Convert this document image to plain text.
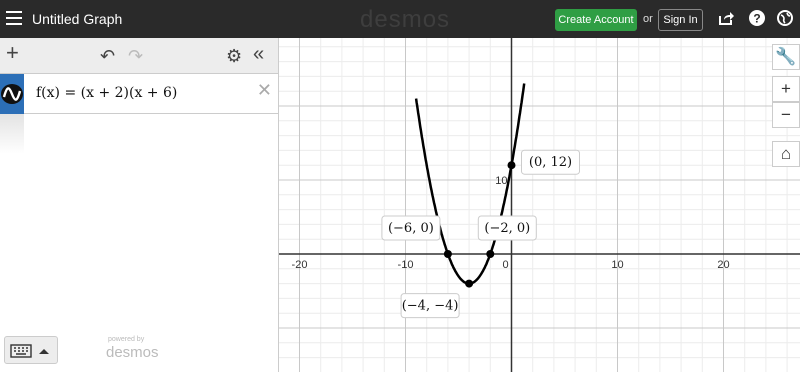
Untitled Graph	desmos	Create Account or Sign In	?
+	↶ ↷	⚙ «
f(x) = (x + 2)(x + 6)	✕
powered by
desmos
-20	-10	0	10	20
10
(0, 12)
(−6, 0)	(−2, 0)
(−4, −4)
🔧
+
−
⌂
